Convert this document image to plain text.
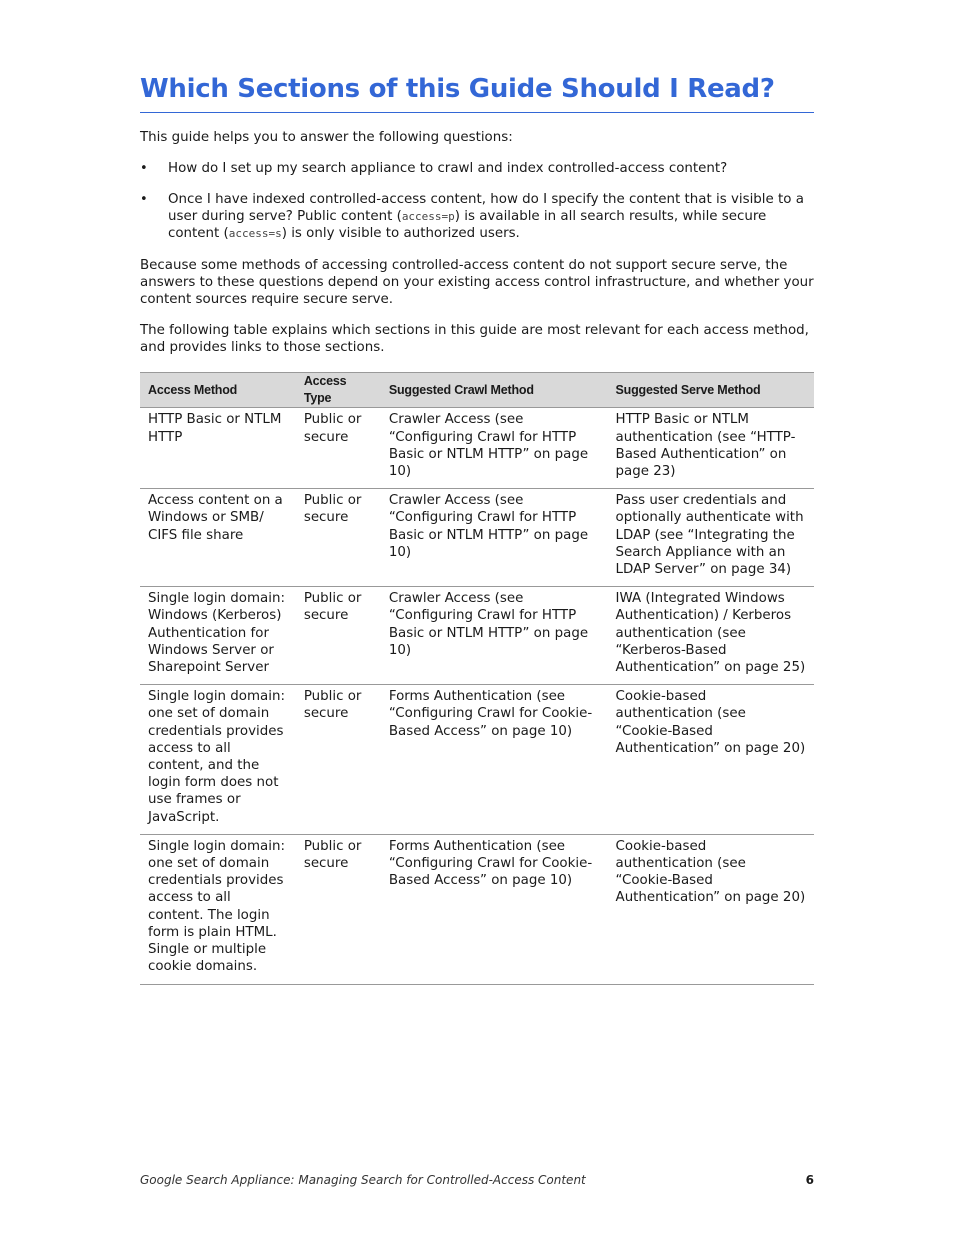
Which Sections of this Guide Should I Read?

This guide helps you to answer the following questions:

• How do I set up my search appliance to crawl and index controlled-access content?
• Once I have indexed controlled-access content, how do I specify the content that is visible to a user during serve? Public content (access=p) is available in all search results, while secure content (access=s) is only visible to authorized users.

Because some methods of accessing controlled-access content do not support secure serve, the answers to these questions depend on your existing access control infrastructure, and whether your content sources require secure serve.

The following table explains which sections in this guide are most relevant for each access method, and provides links to those sections.

Access Method	Access Type	Suggested Crawl Method	Suggested Serve Method
HTTP Basic or NTLM HTTP	Public or secure	Crawler Access (see “Configuring Crawl for HTTP Basic or NTLM HTTP” on page 10)	HTTP Basic or NTLM authentication (see “HTTP-Based Authentication” on page 23)
Access content on a Windows or SMB/ CIFS file share	Public or secure	Crawler Access (see “Configuring Crawl for HTTP Basic or NTLM HTTP” on page 10)	Pass user credentials and optionally authenticate with LDAP (see “Integrating the Search Appliance with an LDAP Server” on page 34)
Single login domain: Windows (Kerberos) Authentication for Windows Server or Sharepoint Server	Public or secure	Crawler Access (see “Configuring Crawl for HTTP Basic or NTLM HTTP” on page 10)	IWA (Integrated Windows Authentication) / Kerberos authentication (see “Kerberos-Based Authentication” on page 25)
Single login domain: one set of domain credentials provides access to all content, and the login form does not use frames or JavaScript.	Public or secure	Forms Authentication (see “Configuring Crawl for Cookie-Based Access” on page 10)	Cookie-based authentication (see “Cookie-Based Authentication” on page 20)
Single login domain: one set of domain credentials provides access to all content. The login form is plain HTML. Single or multiple cookie domains.	Public or secure	Forms Authentication (see “Configuring Crawl for Cookie-Based Access” on page 10)	Cookie-based authentication (see “Cookie-Based Authentication” on page 20)
Google Search Appliance: Managing Search for Controlled-Access Content	6
